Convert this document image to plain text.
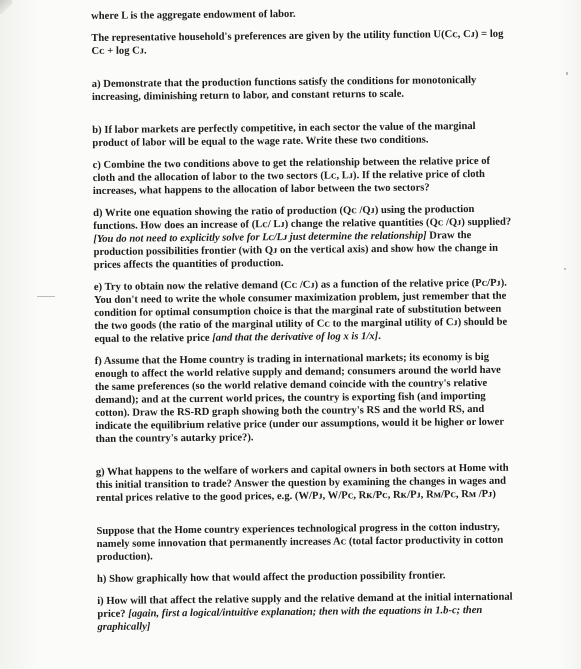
where L is the aggregate endowment of labor.

The representative household's preferences are given by the utility function U(Cᴄ, Cᴊ) = log Cᴄ + log Cᴊ.

a) Demonstrate that the production functions satisfy the conditions for monotonically increasing, diminishing return to labor, and constant returns to scale.

b) If labor markets are perfectly competitive, in each sector the value of the marginal product of labor will be equal to the wage rate. Write these two conditions.

c) Combine the two conditions above to get the relationship between the relative price of cloth and the allocation of labor to the two sectors (Lᴄ, Lᴊ). If the relative price of cloth increases, what happens to the allocation of labor between the two sectors?

d) Write one equation showing the ratio of production (Qᴄ /Qᴊ) using the production functions. How does an increase of (Lᴄ/ Lᴊ) change the relative quantities (Qᴄ /Qᴊ) supplied? [You do not need to explicitly solve for Lᴄ/Lᴊ just determine the relationship] Draw the production possibilities frontier (with Qᴊ on the vertical axis) and show how the change in prices affects the quantities of production.

e) Try to obtain now the relative demand (Cᴄ /Cᴊ) as a function of the relative price (Pᴄ/Pᴊ). You don't need to write the whole consumer maximization problem, just remember that the condition for optimal consumption choice is that the marginal rate of substitution between the two goods (the ratio of the marginal utility of Cᴄ to the marginal utility of Cᴊ) should be equal to the relative price [and that the derivative of log x is 1/x].

f) Assume that the Home country is trading in international markets; its economy is big enough to affect the world relative supply and demand; consumers around the world have the same preferences (so the world relative demand coincide with the country's relative demand); and at the current world prices, the country is exporting fish (and importing cotton). Draw the RS-RD graph showing both the country's RS and the world RS, and indicate the equilibrium relative price (under our assumptions, would it be higher or lower than the country's autarky price?).

g) What happens to the welfare of workers and capital owners in both sectors at Home with this initial transition to trade? Answer the question by examining the changes in wages and rental prices relative to the good prices, e.g. (W/Pᴊ, W/Pᴄ, Rᴋ/Pᴄ, Rᴋ/Pᴊ, Rᴍ/Pᴄ, Rᴍ /Pᴊ)

Suppose that the Home country experiences technological progress in the cotton industry, namely some innovation that permanently increases Aᴄ (total factor productivity in cotton production).

h) Show graphically how that would affect the production possibility frontier.

i) How will that affect the relative supply and the relative demand at the initial international price? [again, first a logical/intuitive explanation; then with the equations in 1.b-c; then graphically]
